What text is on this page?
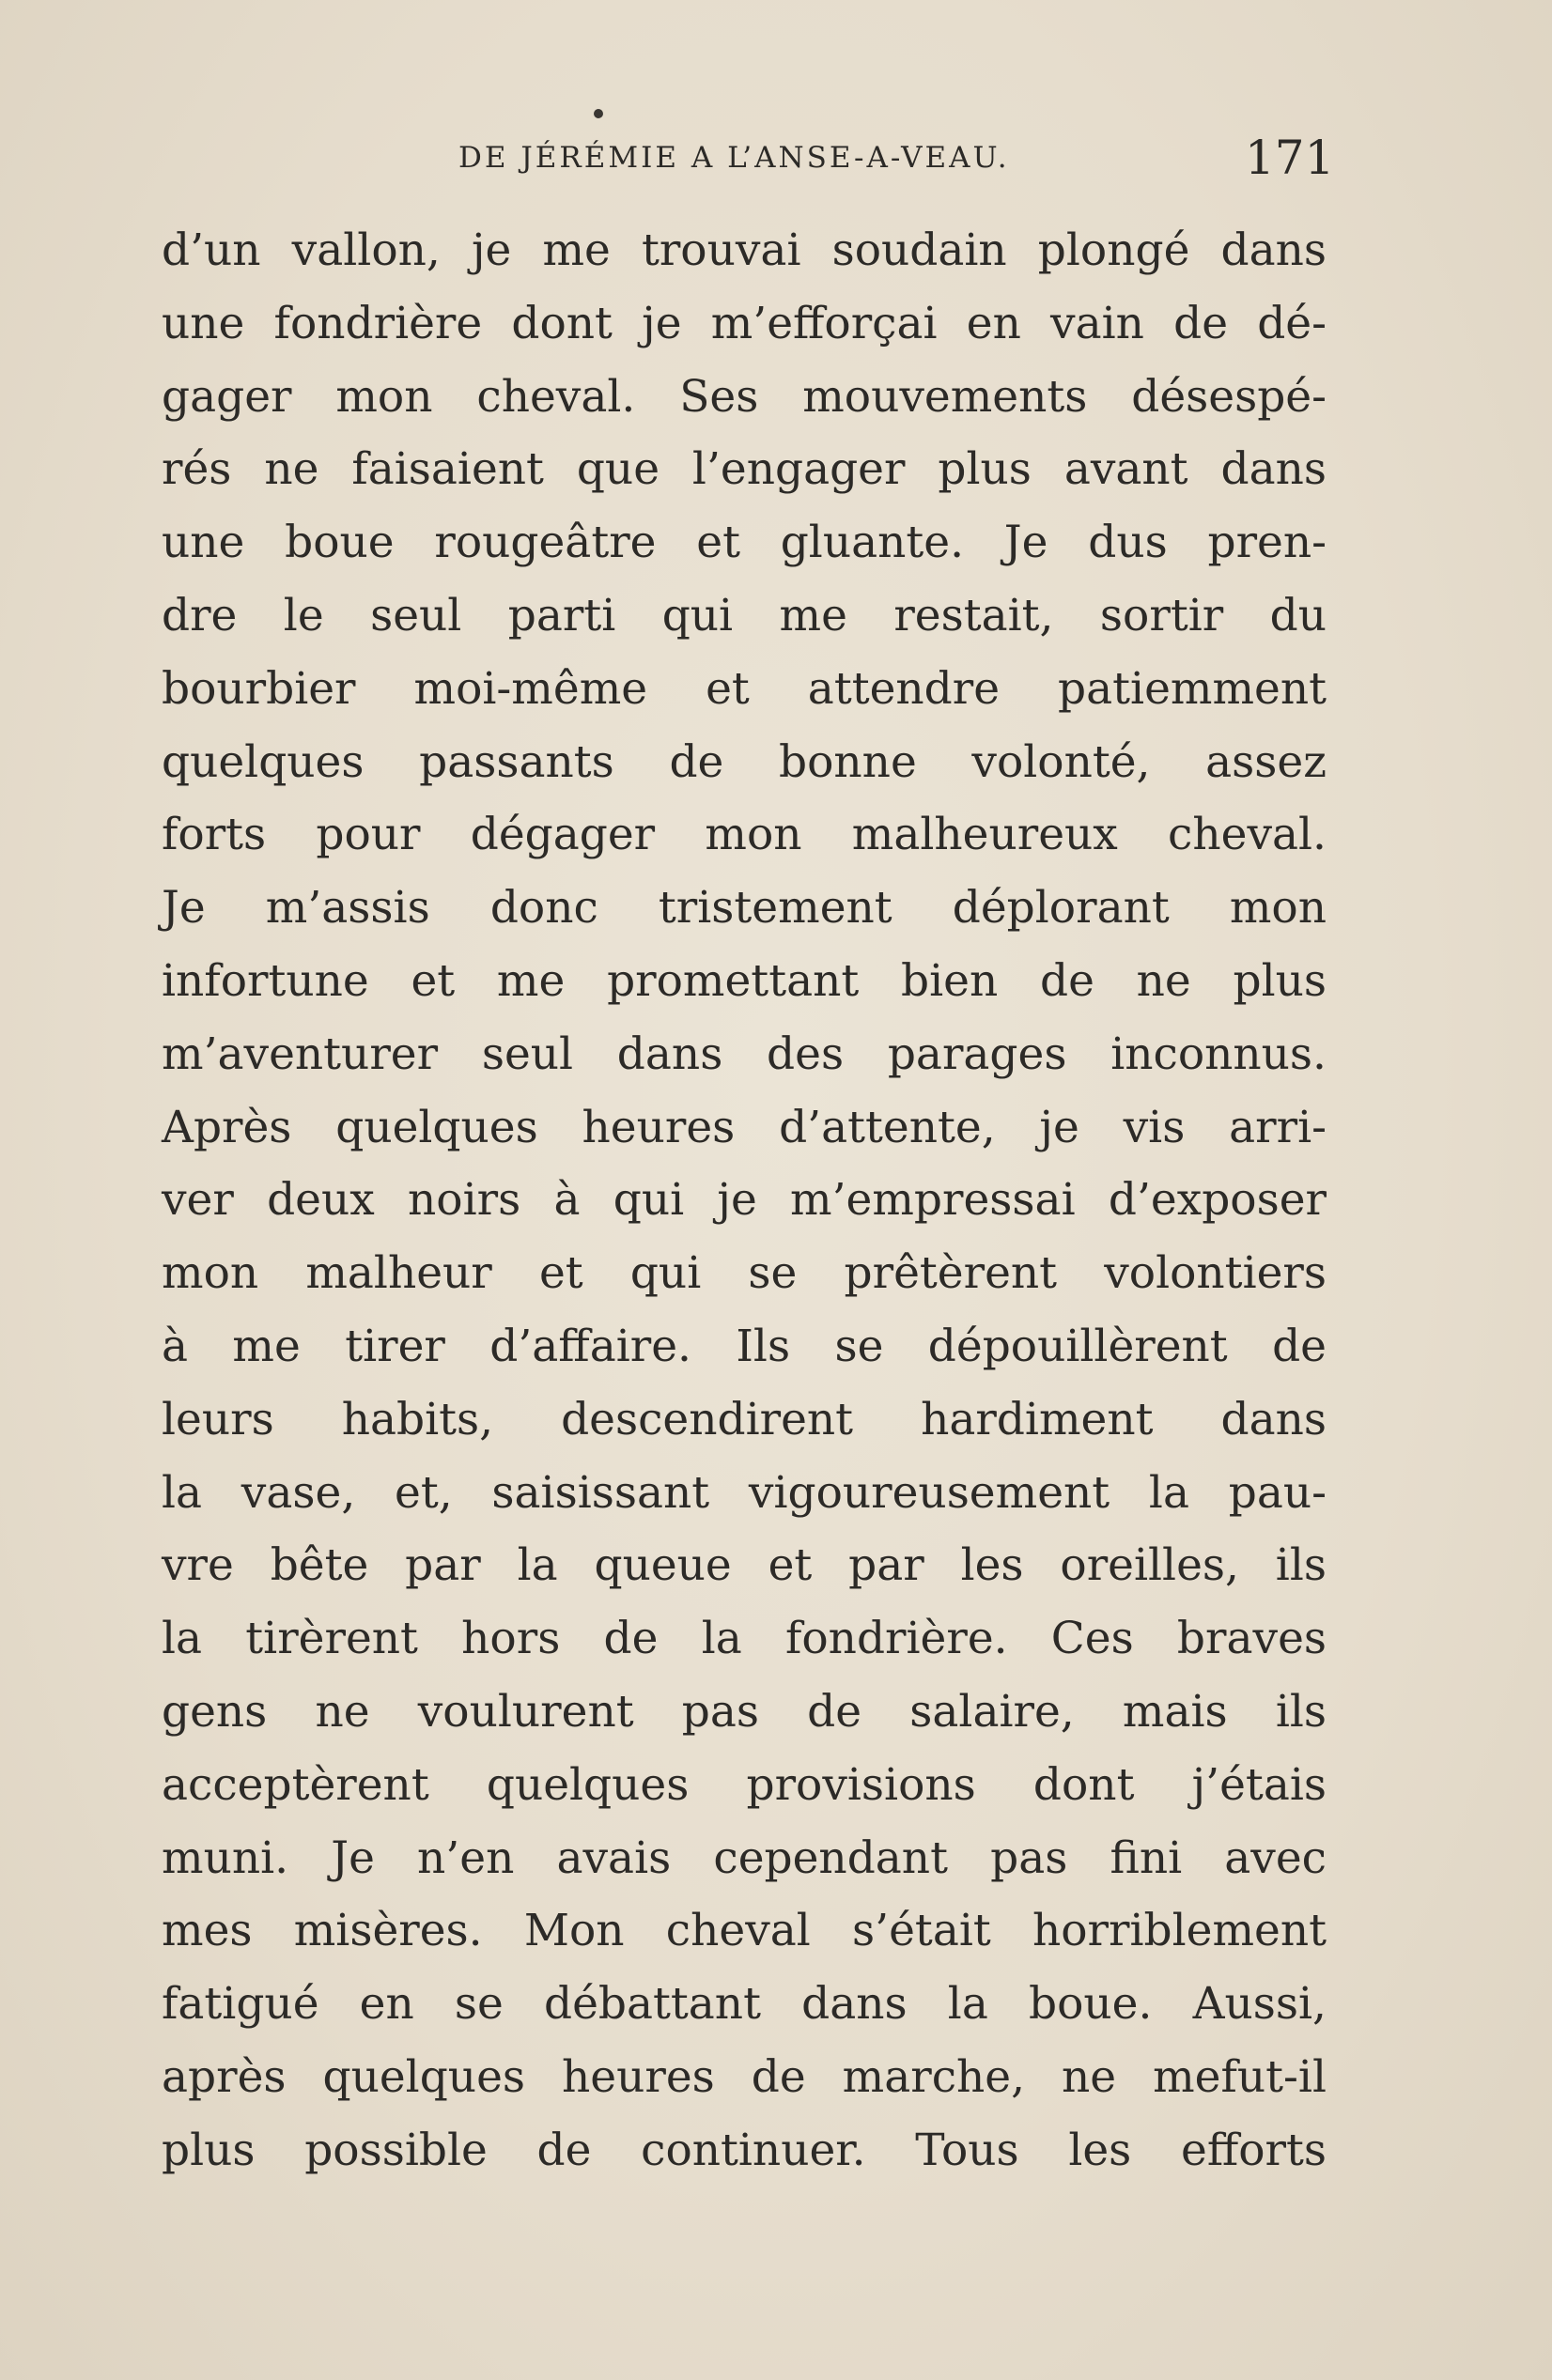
DE JÉRÉMIE A L’ANSE-A-VEAU.	171
d’un vallon, je me trouvai soudain plongé dans
une fondrière dont je m’efforçai en vain de dé-
gager mon cheval. Ses mouvements désespé-
rés ne faisaient que l’engager plus avant dans
une boue rougeâtre et gluante. Je dus pren-
dre le seul parti qui me restait, sortir du
bourbier moi-même et attendre patiemment
quelques passants de bonne volonté, assez
forts pour dégager mon malheureux cheval.
Je m’assis donc tristement déplorant mon
infortune et me promettant bien de ne plus
m’aventurer seul dans des parages inconnus.
Après quelques heures d’attente, je vis arri-
ver deux noirs à qui je m’empressai d’exposer
mon malheur et qui se prêtèrent volontiers
à me tirer d’affaire. Ils se dépouillèrent de
leurs habits, descendirent hardiment dans
la vase, et, saisissant vigoureusement la pau-
vre bête par la queue et par les oreilles, ils
la tirèrent hors de la fondrière. Ces braves
gens ne voulurent pas de salaire, mais ils
acceptèrent quelques provisions dont j’étais
muni. Je n’en avais cependant pas fini avec
mes misères. Mon cheval s’était horriblement
fatigué en se débattant dans la boue. Aussi,
après quelques heures de marche, ne mefut-il
plus possible de continuer. Tous les efforts
